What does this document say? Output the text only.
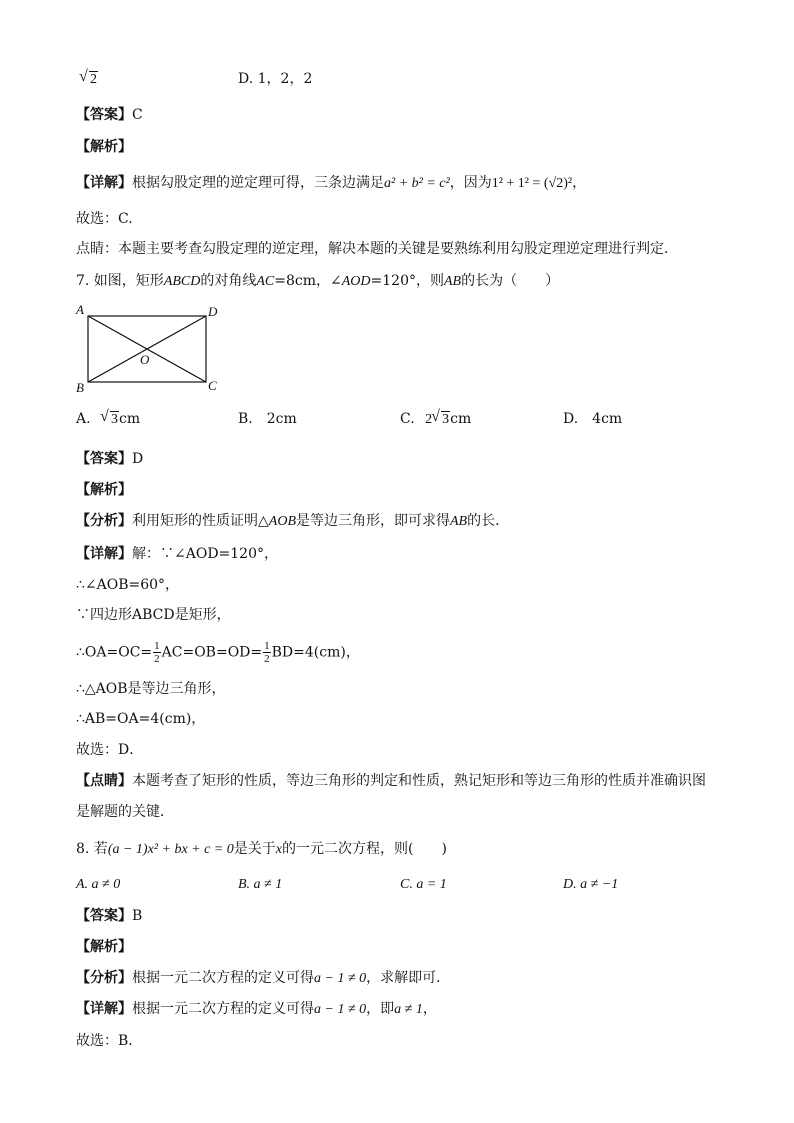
√ 2	D. 1，2，2
【答案】C
【解析】
【详解】根据勾股定理的逆定理可得，三条边满足a² + b² = c²，因为1² + 1² = (√2)²，
故选：C.
点睛：本题主要考查勾股定理的逆定理，解决本题的关键是要熟练利用勾股定理逆定理进行判定.
7. 如图，矩形ABCD的对角线AC=8cm，∠AOD=120°，则AB的长为（　　）
A	D
B	C
O
A. √ 3cm	B.　2cm	C. 2 √ 3cm	D.　4cm
【答案】D
【解析】
【分析】利用矩形的性质证明△AOB是等边三角形，即可求得AB的长．
【详解】解：∵∠AOD=120°，
∴∠AOB=60°，
∵四边形ABCD是矩形，
∴OA=OC= $\frac{1}{2} AC=OB=OD= \frac{1}{2} BD=4(cm)$，
∴△AOB是等边三角形，
∴AB=OA=4(cm)，
故选：D．
【点睛】本题考查了矩形的性质，等边三角形的判定和性质，熟记矩形和等边三角形的性质并准确识图
是解题的关键．
8. 若(a − 1)x² + bx + c = 0是关于x的一元二次方程，则(　　)
A. a ≠ 0	B. a ≠ 1	C. a = 1	D. a ≠ −1
【答案】B
【解析】
【分析】根据一元二次方程的定义可得a − 1 ≠ 0，求解即可．
【详解】根据一元二次方程的定义可得a − 1 ≠ 0，即a ≠ 1，
故选：B．
